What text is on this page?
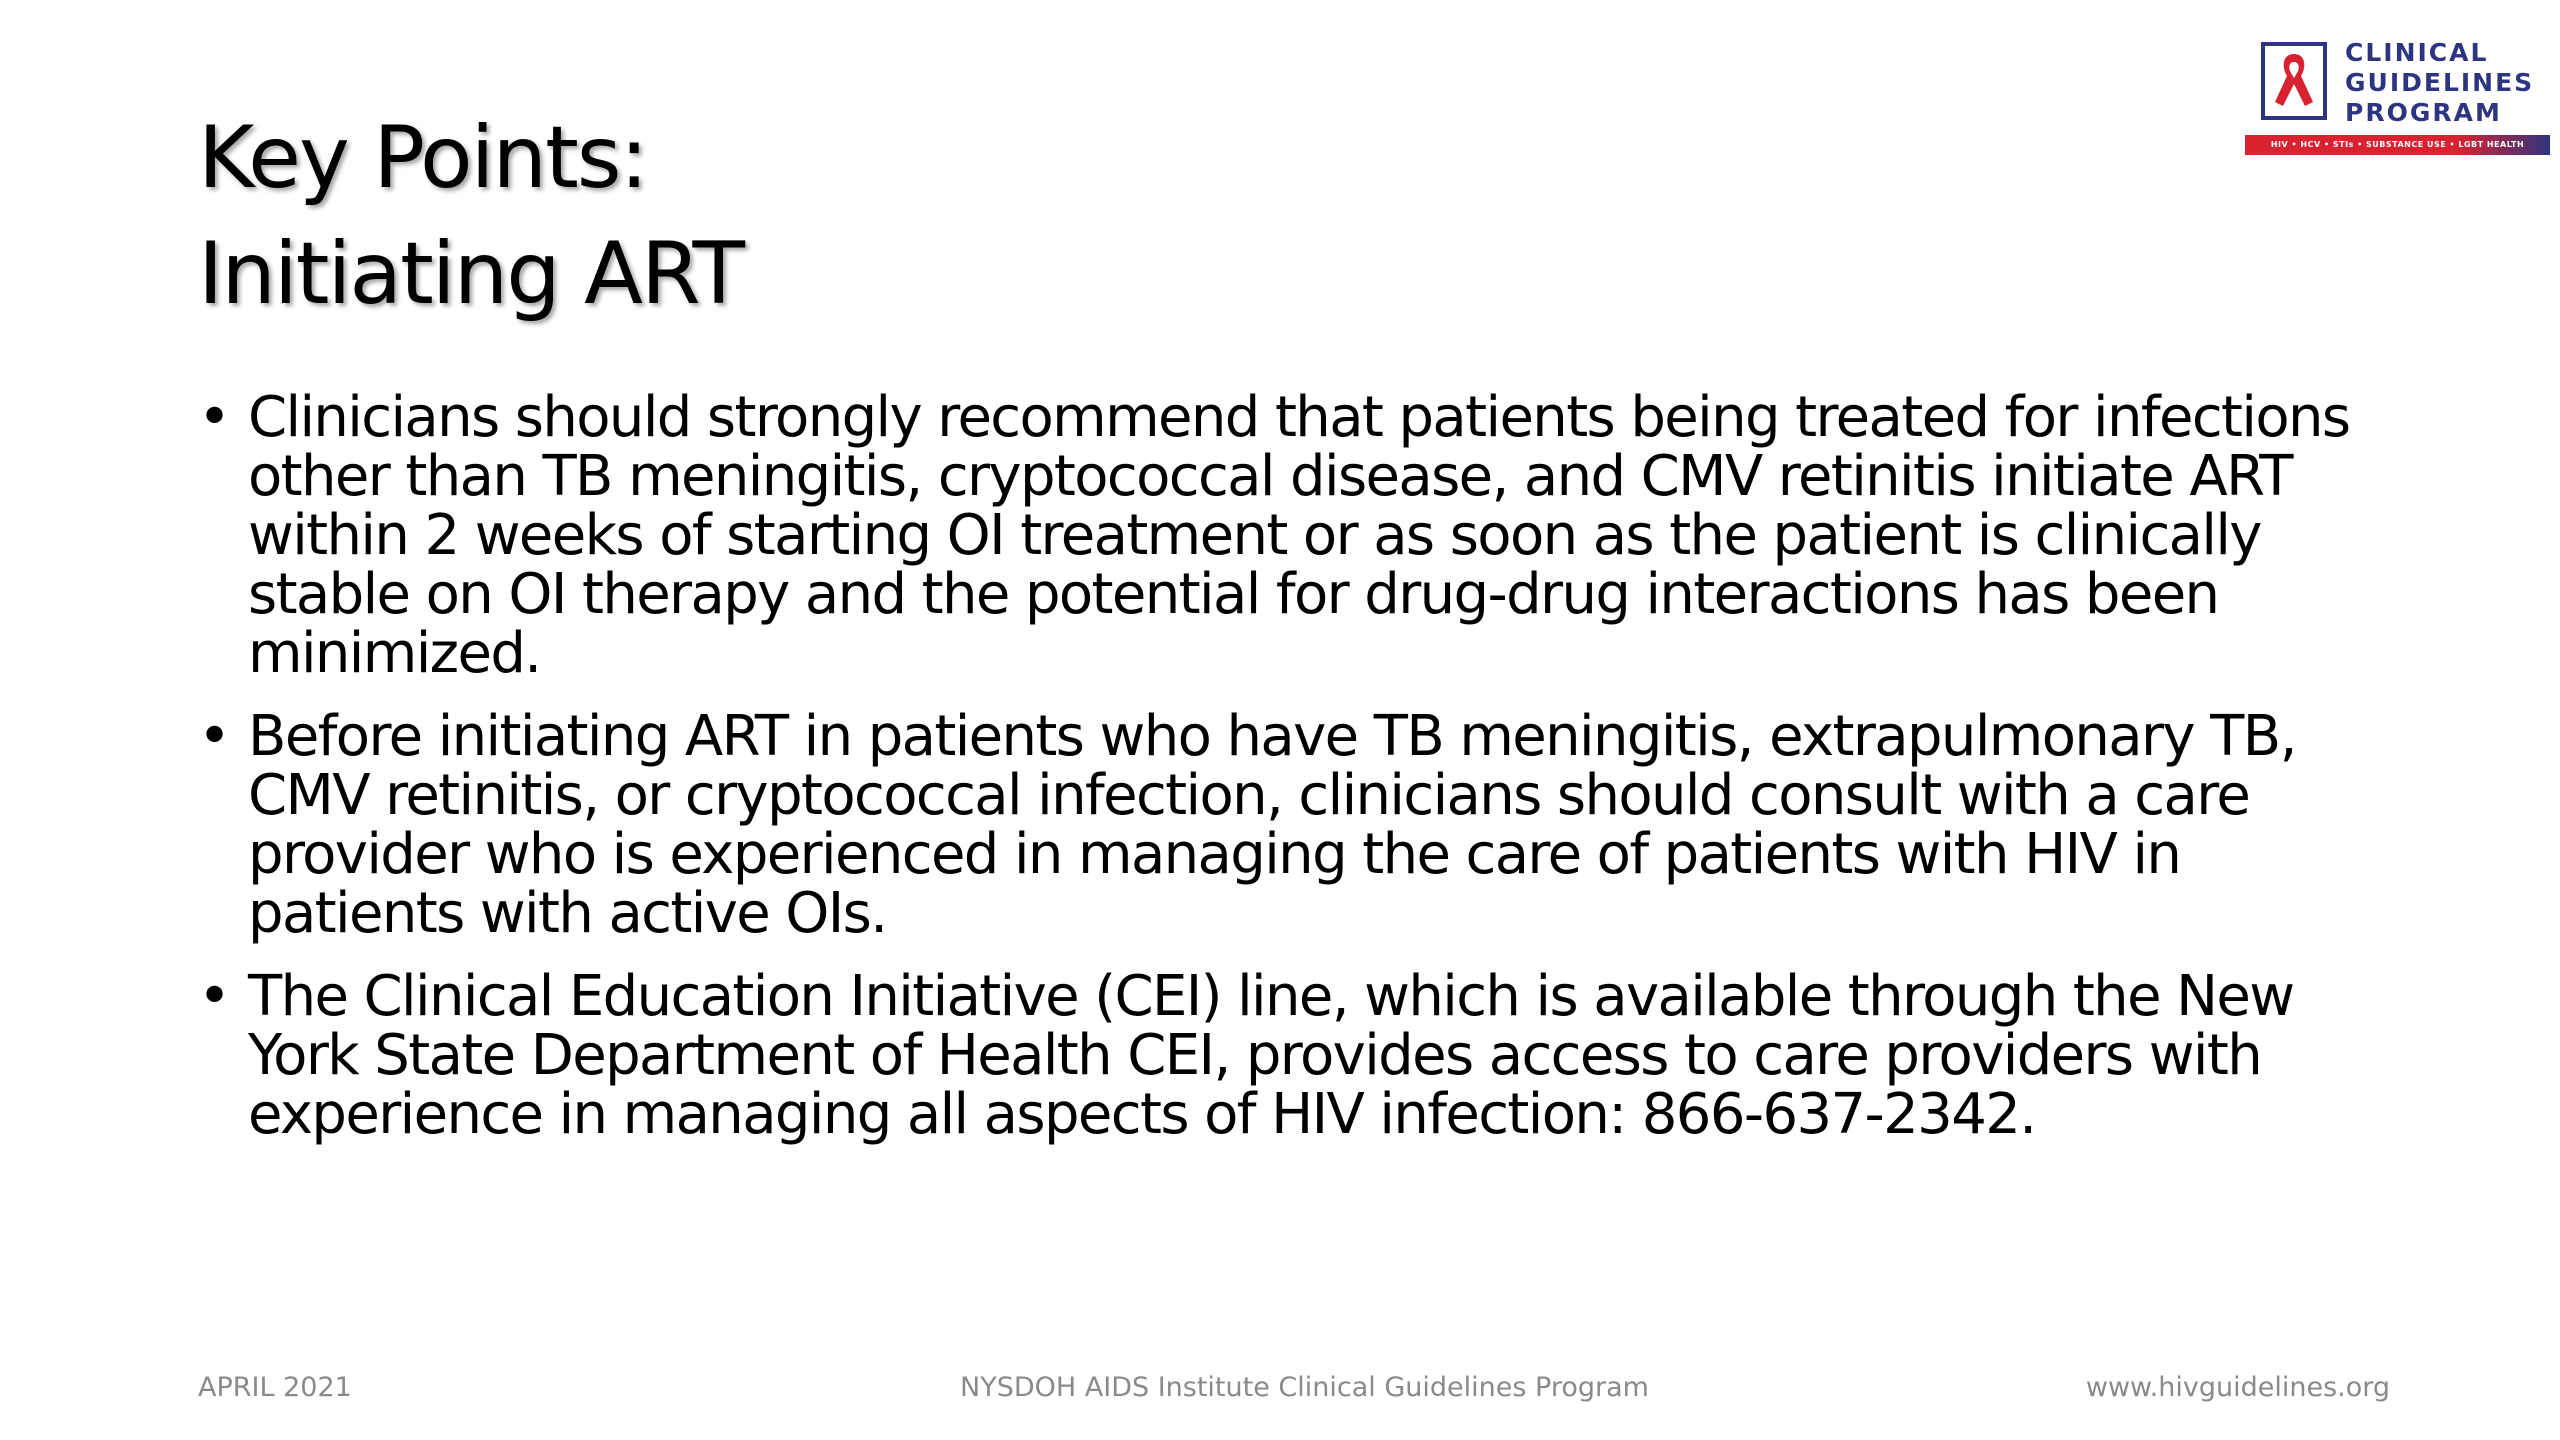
Key Points:
Initiating ART
CLINICAL
GUIDELINES
PROGRAM
HIV • HCV • STIs • SUBSTANCE USE • LGBT HEALTH
• Clinicians should strongly recommend that patients being treated for infections other than TB meningitis, cryptococcal disease, and CMV retinitis initiate ART within 2 weeks of starting OI treatment or as soon as the patient is clinically stable on OI therapy and the potential for drug-drug interactions has been minimized.
• Before initiating ART in patients who have TB meningitis, extrapulmonary TB, CMV retinitis, or cryptococcal infection, clinicians should consult with a care provider who is experienced in managing the care of patients with HIV in patients with active OIs.
• The Clinical Education Initiative (CEI) line, which is available through the New York State Department of Health CEI, provides access to care providers with experience in managing all aspects of HIV infection: 866-637-2342.
APRIL 2021	NYSDOH AIDS Institute Clinical Guidelines Program	www.hivguidelines.org
